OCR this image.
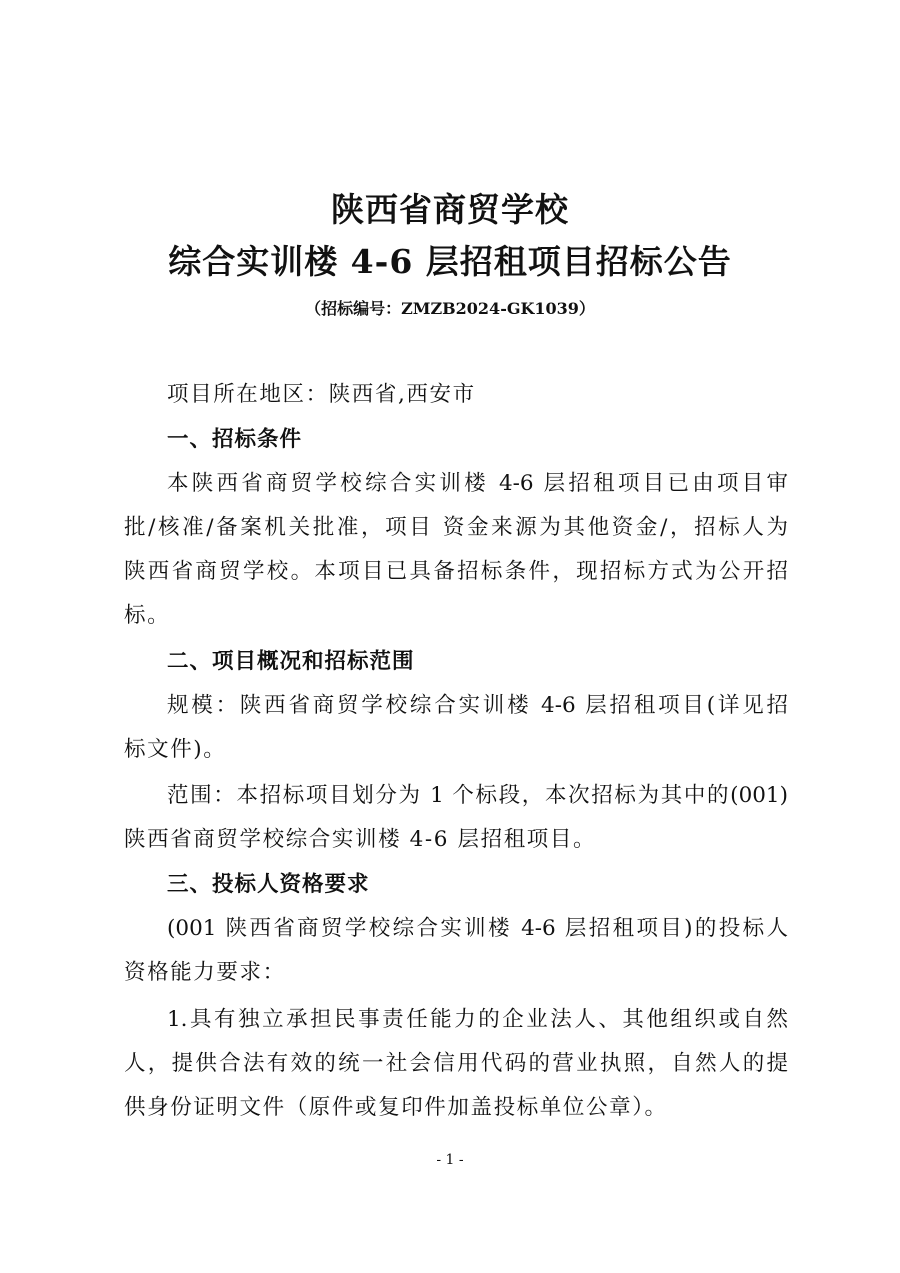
陕西省商贸学校
综合实训楼 4-6 层招租项目招标公告
（招标编号：ZMZB2024-GK1039）
项目所在地区：陕西省,西安市
一、招标条件
本陕西省商贸学校综合实训楼 4-6 层招租项目已由项目审
批/核准/备案机关批准，项目 资金来源为其他资金/，招标人为
陕西省商贸学校。本项目已具备招标条件，现招标方式为公开招
标。
二、项目概况和招标范围
规模：陕西省商贸学校综合实训楼 4-6 层招租项目(详见招
标文件)。
范围：本招标项目划分为 1 个标段，本次招标为其中的(001)
陕西省商贸学校综合实训楼 4-6 层招租项目。
三、投标人资格要求
(001 陕西省商贸学校综合实训楼 4-6 层招租项目)的投标人
资格能力要求：
1.具有独立承担民事责任能力的企业法人、其他组织或自然
人，提供合法有效的统一社会信用代码的营业执照，自然人的提
供身份证明文件（原件或复印件加盖投标单位公章）。
- 1 -
